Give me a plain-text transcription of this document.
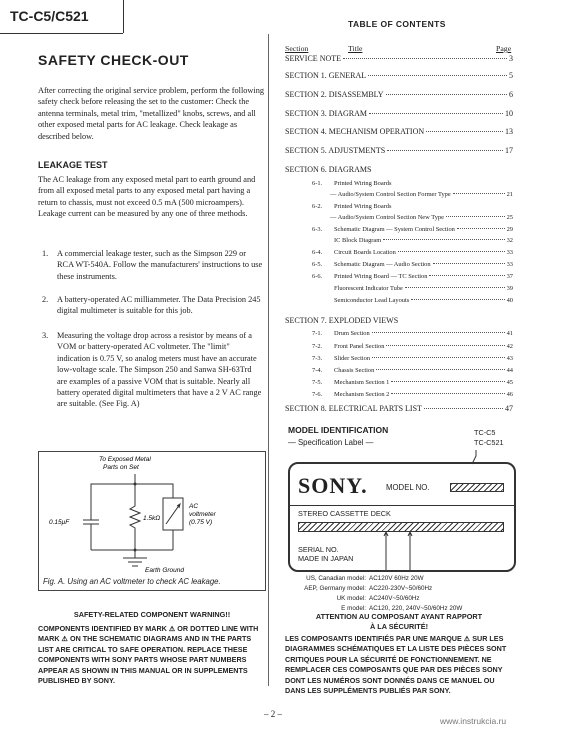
TC-C5/C521
SAFETY CHECK-OUT
After correcting the original service problem, perform the following safety check before releasing the set to the customer: Check the antenna terminals, metal trim, "metallized" knobs, screws, and all other exposed metal parts for AC leakage. Check leakage as described below.
LEAKAGE TEST
The AC leakage from any exposed metal part to earth ground and from all exposed metal parts to any exposed metal part having a return to chassis, must not exceed 0.5 mA (500 microampers). Leakage current can be measured by any one of three methods.
1. A commercial leakage tester, such as the Simpson 229 or RCA WT-540A. Follow the manufacturers' instructions to use these instruments.
2. A battery-operated AC milliammeter. The Data Precision 245 digital multimeter is suitable for this job.
3. Measuring the voltage drop across a resistor by means of a VOM or battery-operated AC voltmeter. The "limit" indication is 0.75 V, so analog meters must have an accurate low-voltage scale. The Simpson 250 and Sanwa SH-63Trd are examples of a passive VOM that is suitable. Nearly all battery operated digital multimeters that have a 2 V AC range are suitable. (See Fig. A)
To Exposed Metal
Parts on Set
0.15μF
1.5kΩ
AC
voltmeter
(0.75 V)
Earth Ground
Fig. A. Using an AC voltmeter to check AC leakage.
SAFETY-RELATED COMPONENT WARNING!!
COMPONENTS IDENTIFIED BY MARK ⚠ OR DOTTED LINE WITH MARK ⚠ ON THE SCHEMATIC DIAGRAMS AND IN THE PARTS LIST ARE CRITICAL TO SAFE OPERATION. REPLACE THESE COMPONENTS WITH SONY PARTS WHOSE PART NUMBERS APPEAR AS SHOWN IN THIS MANUAL OR IN SUPPLEMENTS PUBLISHED BY SONY.
TABLE OF CONTENTS
Section	Title	Page
SERVICE NOTE	3
SECTION 1. GENERAL	5
SECTION 2. DISASSEMBLY	6
SECTION 3. DIAGRAM	10
SECTION 4. MECHANISM OPERATION	13
SECTION 5. ADJUSTMENTS	17
SECTION 6. DIAGRAMS
6-1.	Printed Wiring Boards
— Audio/System Control Section Former Type	21
6-2.	Printed Wiring Boards
— Audio/System Control Section New Type	25
6-3.	Schematic Diagram — System Control Section	29
IC Block Diagram	32
6-4.	Circuit Boards Location	33
6-5.	Schematic Diagram — Audio Section	33
6-6.	Printed Wiring Board — TC Section	37
Fluorescent Indicator Tube	39
Semiconductor Lead Layouts	40
SECTION 7. EXPLODED VIEWS
7-1.	Drum Section	41
7-2.	Front Panel Section	42
7-3.	Slider Section	43
7-4.	Chassis Section	44
7-5.	Mechanism Section 1	45
7-6.	Mechanism Section 2	46
SECTION 8. ELECTRICAL PARTS LIST	47
MODEL IDENTIFICATION
— Specification Label —
TC-C5
TC-C521
SONY. MODEL NO.
STEREO CASSETTE DECK
SERIAL NO.
MADE IN JAPAN
US, Canadian model: AC120V 60Hz 20W
AEP, Germany model: AC220-230V~50/60Hz
UK model: AC240V~50/60Hz
E model: AC120, 220, 240V~50/60Hz 20W
ATTENTION AU COMPOSANT AYANT RAPPORT
À LA SÉCURITÉ!
LES COMPOSANTS IDENTIFIÉS PAR UNE MARQUE ⚠ SUR LES DIAGRAMMES SCHÉMATIQUES ET LA LISTE DES PIÈCES SONT CRITIQUES POUR LA SÉCURITÉ DE FONCTIONNEMENT. NE REMPLACER CES COMPOSANTS QUE PAR DES PIÈCES SONY DONT LES NUMÉROS SONT DONNÉS DANS CE MANUEL OU DANS LES SUPPLÉMENTS PUBLIÉS PAR SONY.
– 2 –
www.instrukcia.ru
